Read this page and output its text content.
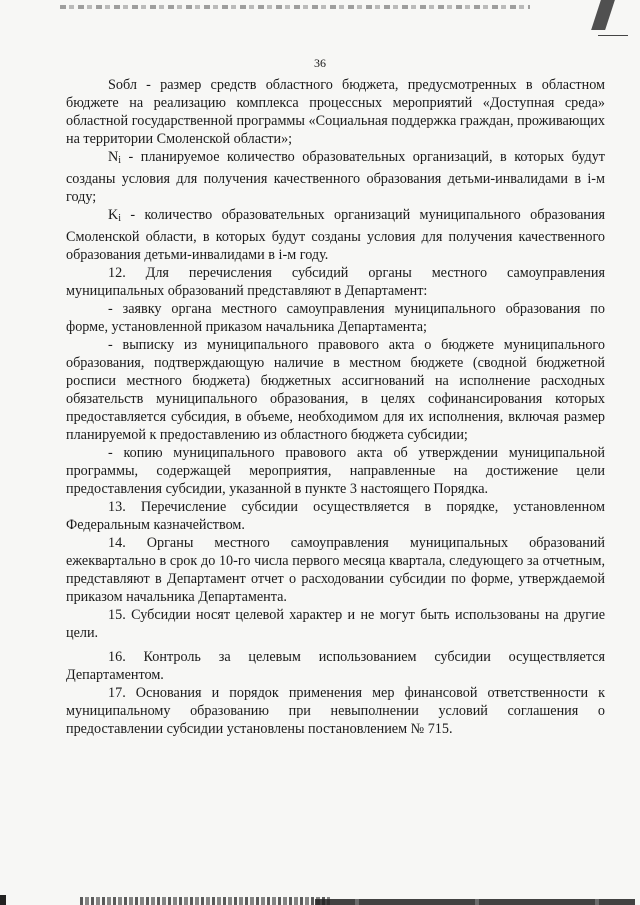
36

Sобл - размер средств областного бюджета, предусмотренных в областном бюджете на реализацию комплекса процессных мероприятий «Доступная среда» областной государственной программы «Социальная поддержка граждан, проживающих на территории Смоленской области»;

$N_i$ - планируемое количество образовательных организаций, в которых будут созданы условия для получения качественного образования детьми-инвалидами в i-м году;

$K_i$ - количество образовательных организаций муниципального образования Смоленской области, в которых будут созданы условия для получения качественного образования детьми-инвалидами в i-м году.

12. Для перечисления субсидий органы местного самоуправления муниципальных образований представляют в Департамент:

- заявку органа местного самоуправления муниципального образования по форме, установленной приказом начальника Департамента;

- выписку из муниципального правового акта о бюджете муниципального образования, подтверждающую наличие в местном бюджете (сводной бюджетной росписи местного бюджета) бюджетных ассигнований на исполнение расходных обязательств муниципального образования, в целях софинансирования которых предоставляется субсидия, в объеме, необходимом для их исполнения, включая размер планируемой к предоставлению из областного бюджета субсидии;

- копию муниципального правового акта об утверждении муниципальной программы, содержащей мероприятия, направленные на достижение цели предоставления субсидии, указанной в пункте 3 настоящего Порядка.

13. Перечисление субсидии осуществляется в порядке, установленном Федеральным казначейством.

14. Органы местного самоуправления муниципальных образований ежеквартально в срок до 10-го числа первого месяца квартала, следующего за отчетным, представляют в Департамент отчет о расходовании субсидии по форме, утверждаемой приказом начальника Департамента.

15. Субсидии носят целевой характер и не могут быть использованы на другие цели.

16. Контроль за целевым использованием субсидии осуществляется Департаментом.

17. Основания и порядок применения мер финансовой ответственности к муниципальному образованию при невыполнении условий соглашения о предоставлении субсидии установлены постановлением № 715.
